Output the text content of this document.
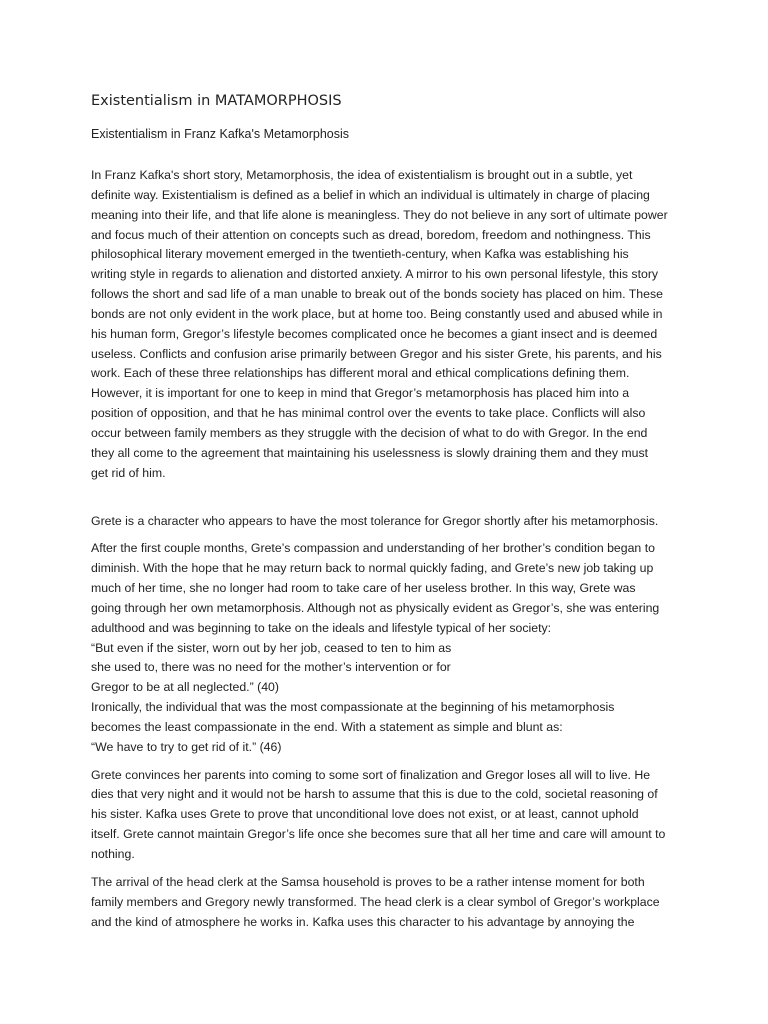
Existentialism in MATAMORPHOSIS
Existentialism in Franz Kafka's Metamorphosis
In Franz Kafka's short story, Metamorphosis, the idea of existentialism is brought out in a subtle, yet
definite way. Existentialism is defined as a belief in which an individual is ultimately in charge of placing
meaning into their life, and that life alone is meaningless. They do not believe in any sort of ultimate power
and focus much of their attention on concepts such as dread, boredom, freedom and nothingness. This
philosophical literary movement emerged in the twentieth-century, when Kafka was establishing his
writing style in regards to alienation and distorted anxiety. A mirror to his own personal lifestyle, this story
follows the short and sad life of a man unable to break out of the bonds society has placed on him. These
bonds are not only evident in the work place, but at home too. Being constantly used and abused while in
his human form, Gregor’s lifestyle becomes complicated once he becomes a giant insect and is deemed
useless. Conflicts and confusion arise primarily between Gregor and his sister Grete, his parents, and his
work. Each of these three relationships has different moral and ethical complications defining them.
However, it is important for one to keep in mind that Gregor’s metamorphosis has placed him into a
position of opposition, and that he has minimal control over the events to take place. Conflicts will also
occur between family members as they struggle with the decision of what to do with Gregor. In the end
they all come to the agreement that maintaining his uselessness is slowly draining them and they must
get rid of him.
Grete is a character who appears to have the most tolerance for Gregor shortly after his metamorphosis.
After the first couple months, Grete’s compassion and understanding of her brother’s condition began to
diminish. With the hope that he may return back to normal quickly fading, and Grete’s new job taking up
much of her time, she no longer had room to take care of her useless brother. In this way, Grete was
going through her own metamorphosis. Although not as physically evident as Gregor’s, she was entering
adulthood and was beginning to take on the ideals and lifestyle typical of her society:
“But even if the sister, worn out by her job, ceased to ten to him as
she used to, there was no need for the mother’s intervention or for
Gregor to be at all neglected.” (40)
Ironically, the individual that was the most compassionate at the beginning of his metamorphosis
becomes the least compassionate in the end. With a statement as simple and blunt as:
“We have to try to get rid of it.” (46)
Grete convinces her parents into coming to some sort of finalization and Gregor loses all will to live. He
dies that very night and it would not be harsh to assume that this is due to the cold, societal reasoning of
his sister. Kafka uses Grete to prove that unconditional love does not exist, or at least, cannot uphold
itself. Grete cannot maintain Gregor’s life once she becomes sure that all her time and care will amount to
nothing.
The arrival of the head clerk at the Samsa household is proves to be a rather intense moment for both
family members and Gregory newly transformed. The head clerk is a clear symbol of Gregor’s workplace
and the kind of atmosphere he works in. Kafka uses this character to his advantage by annoying the
